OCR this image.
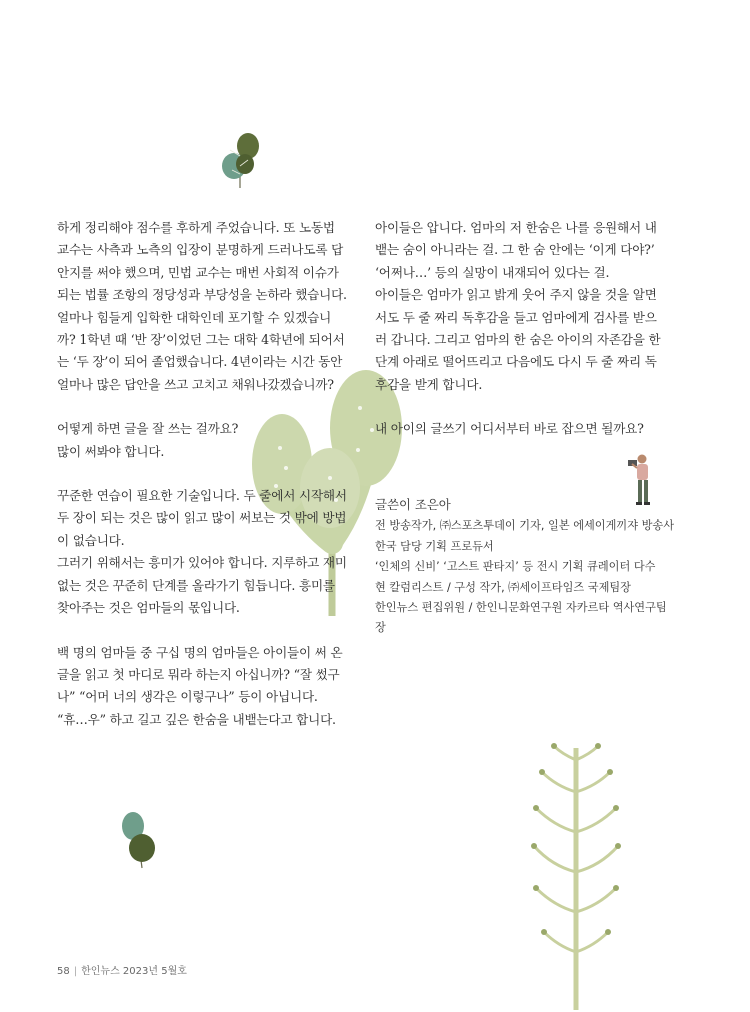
하게 정리해야 점수를 후하게 주었습니다. 또 노동법 교수는 사측과 노측의 입장이 분명하게 드러나도록 답안지를 써야 했으며, 민법 교수는 매번 사회적 이슈가 되는 법률 조항의 정당성과 부당성을 논하라 했습니다.

얼마나 힘들게 입학한 대학인데 포기할 수 있겠습니까? 1학년 때 ‘반 장’이었던 그는 대학 4학년에 되어서는 ‘두 장’이 되어 졸업했습니다. 4년이라는 시간 동안 얼마나 많은 답안을 쓰고 고치고 채워나갔겠습니까?

어떻게 하면 글을 잘 쓰는 걸까요?

많이 써봐야 합니다.

꾸준한 연습이 필요한 기술입니다. 두 줄에서 시작해서 두 장이 되는 것은 많이 읽고 많이 써보는 것 밖에 방법이 없습니다.

그러기 위해서는 흥미가 있어야 합니다. 지루하고 재미없는 것은 꾸준히 단계를 올라가기 힘듭니다. 흥미를 찾아주는 것은 엄마들의 몫입니다.

백 명의 엄마들 중 구십 명의 엄마들은 아이들이 써 온 글을 읽고 첫 마디로 뭐라 하는지 아십니까? “잘 썼구나” “어머 너의 생각은 이렇구나” 등이 아닙니다.

“휴…우” 하고 길고 깊은 한숨을 내뱉는다고 합니다.

아이들은 압니다. 엄마의 저 한숨은 나를 응원해서 내뱉는 숨이 아니라는 걸. 그 한 숨 안에는 ‘이게 다야?’ ‘어쩌나…’ 등의 실망이 내재되어 있다는 걸.

아이들은 엄마가 읽고 밝게 웃어 주지 않을 것을 알면서도 두 줄 짜리 독후감을 들고 엄마에게 검사를 받으러 갑니다. 그리고 엄마의 한 숨은 아이의 자존감을 한 단계 아래로 떨어뜨리고 다음에도 다시 두 줄 짜리 독후감을 받게 합니다.

내 아이의 글쓰기 어디서부터 바로 잡으면 될까요?

글쓴이 조은아

전 방송작가, ㈜스포츠투데이 기자, 일본 에세이게끼쟈 방송사 한국 담당 기획 프로듀서

‘인체의 신비’ ‘고스트 판타지’ 등 전시 기획 큐레이터 다수

현 칼럼리스트 / 구성 작가, ㈜세이프타임즈 국제팀장

한인뉴스 편집위원 / 한인니문화연구원 자카르타 역사연구팀장

58 | 한인뉴스 2023년 5월호
